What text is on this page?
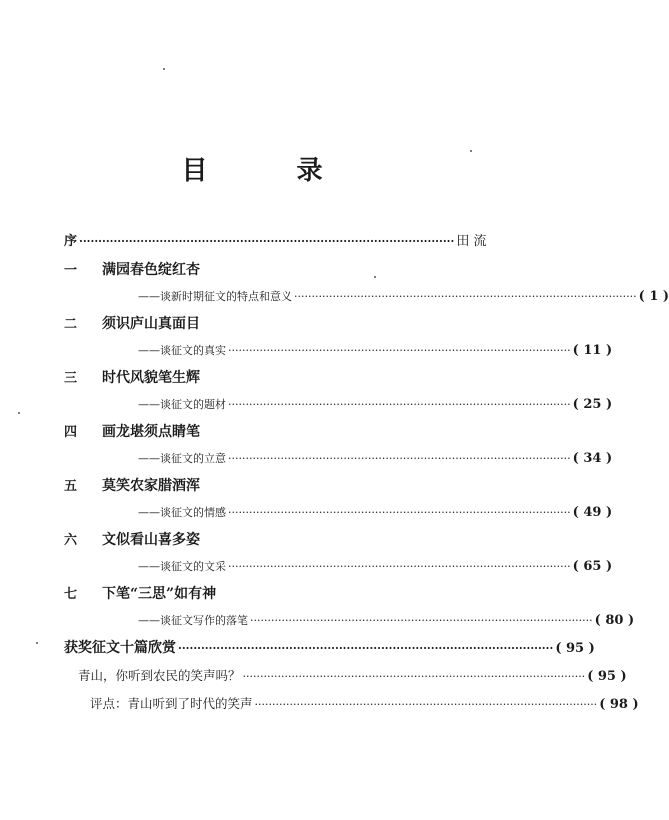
目 录
序 ·································································································· 田 流
一	满园春色绽红杏
——谈新时期征文的特点和意义 ·································································································· ( 1 )
二	须识庐山真面目
——谈征文的真实 ·································································································· ( 11 )
三	时代风貌笔生辉
——谈征文的题材 ·································································································· ( 25 )
四	画龙堪须点睛笔
——谈征文的立意 ·································································································· ( 34 )
五	莫笑农家腊酒浑
——谈征文的情感 ·································································································· ( 49 )
六	文似看山喜多姿
——谈征文的文采 ·································································································· ( 65 )
七	下笔“三思”如有神
——谈征文写作的落笔 ·································································································· ( 80 )
获奖征文十篇欣赏 ·································································································· ( 95 )
青山，你听到农民的笑声吗？ ·································································································· ( 95 )
评点：青山听到了时代的笑声 ·································································································· ( 98 )
